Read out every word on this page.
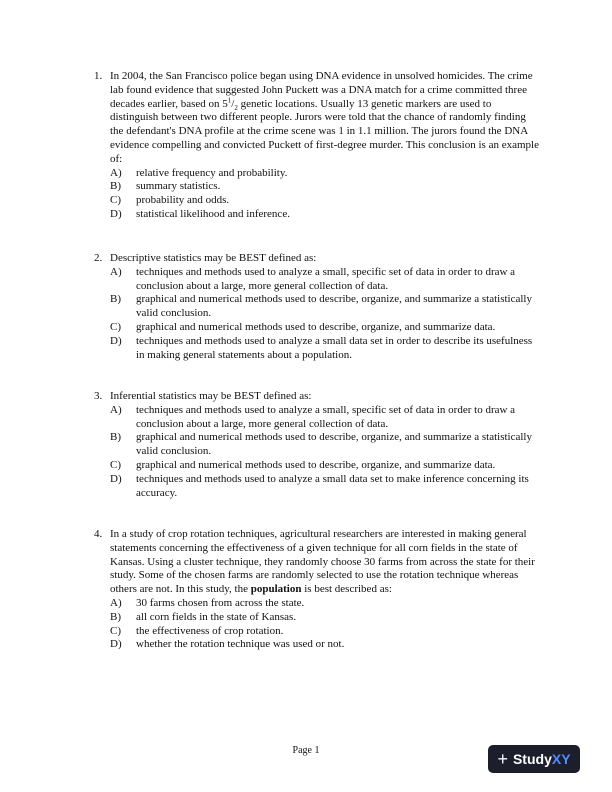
1. In 2004, the San Francisco police began using DNA evidence in unsolved homicides. The crime lab found evidence that suggested John Puckett was a DNA match for a crime committed three decades earlier, based on $5^1/_2$ genetic locations. Usually 13 genetic markers are used to distinguish between two different people. Jurors were told that the chance of randomly finding the defendant's DNA profile at the crime scene was 1 in 1.1 million. The jurors found the DNA evidence compelling and convicted Puckett of first-degree murder. This conclusion is an example of:
A) relative frequency and probability.
B) summary statistics.
C) probability and odds.
D) statistical likelihood and inference.
2. Descriptive statistics may be BEST defined as:
A) techniques and methods used to analyze a small, specific set of data in order to draw a conclusion about a large, more general collection of data.
B) graphical and numerical methods used to describe, organize, and summarize a statistically valid conclusion.
C) graphical and numerical methods used to describe, organize, and summarize data.
D) techniques and methods used to analyze a small data set in order to describe its usefulness in making general statements about a population.
3. Inferential statistics may be BEST defined as:
A) techniques and methods used to analyze a small, specific set of data in order to draw a conclusion about a large, more general collection of data.
B) graphical and numerical methods used to describe, organize, and summarize a statistically valid conclusion.
C) graphical and numerical methods used to describe, organize, and summarize data.
D) techniques and methods used to analyze a small data set to make inference concerning its accuracy.
4. In a study of crop rotation techniques, agricultural researchers are interested in making general statements concerning the effectiveness of a given technique for all corn fields in the state of Kansas. Using a cluster technique, they randomly choose 30 farms from across the state for their study. Some of the chosen farms are randomly selected to use the rotation technique whereas others are not. In this study, the population is best described as:
A) 30 farms chosen from across the state.
B) all corn fields in the state of Kansas.
C) the effectiveness of crop rotation.
D) whether the rotation technique was used or not.
Page 1	+ StudyXY
